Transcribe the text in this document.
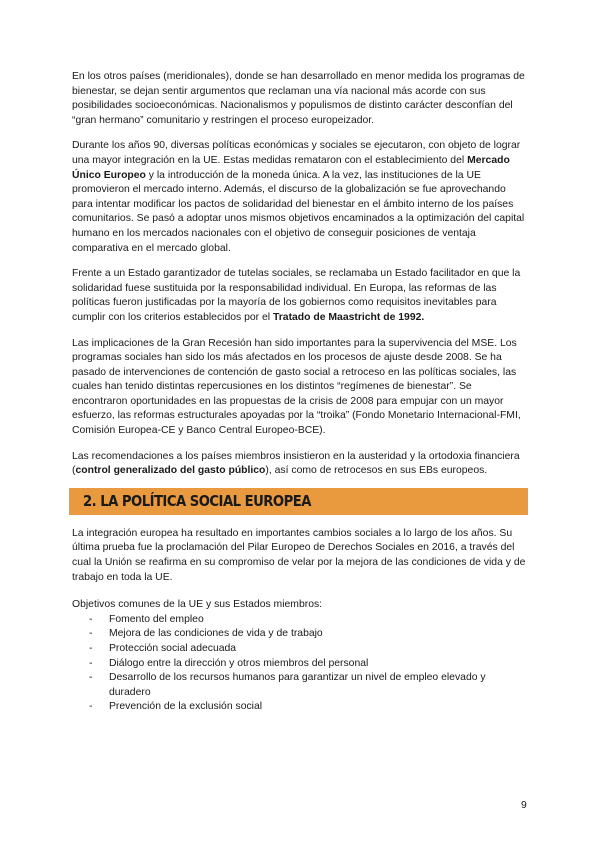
En los otros países (meridionales), donde se han desarrollado en menor medida los programas de bienestar, se dejan sentir argumentos que reclaman una vía nacional más acorde con sus posibilidades socioeconómicas. Nacionalismos y populismos de distinto carácter desconfían del “gran hermano” comunitario y restringen el proceso europeizador.

Durante los años 90, diversas políticas económicas y sociales se ejecutaron, con objeto de lograr una mayor integración en la UE. Estas medidas remataron con el establecimiento del Mercado Único Europeo y la introducción de la moneda única. A la vez, las instituciones de la UE promovieron el mercado interno. Además, el discurso de la globalización se fue aprovechando para intentar modificar los pactos de solidaridad del bienestar en el ámbito interno de los países comunitarios. Se pasó a adoptar unos mismos objetivos encaminados a la optimización del capital humano en los mercados nacionales con el objetivo de conseguir posiciones de ventaja comparativa en el mercado global.

Frente a un Estado garantizador de tutelas sociales, se reclamaba un Estado facilitador en que la solidaridad fuese sustituida por la responsabilidad individual. En Europa, las reformas de las políticas fueron justificadas por la mayoría de los gobiernos como requisitos inevitables para cumplir con los criterios establecidos por el Tratado de Maastricht de 1992.

Las implicaciones de la Gran Recesión han sido importantes para la supervivencia del MSE. Los programas sociales han sido los más afectados en los procesos de ajuste desde 2008. Se ha pasado de intervenciones de contención de gasto social a retroceso en las políticas sociales, las cuales han tenido distintas repercusiones en los distintos “regímenes de bienestar”. Se encontraron oportunidades en las propuestas de la crisis de 2008 para empujar con un mayor esfuerzo, las reformas estructurales apoyadas por la “troika” (Fondo Monetario Internacional-FMI, Comisión Europea-CE y Banco Central Europeo-BCE).

Las recomendaciones a los países miembros insistieron en la austeridad y la ortodoxia financiera (control generalizado del gasto público), así como de retrocesos en sus EBs europeos.

2. LA POLÍTICA SOCIAL EUROPEA

La integración europea ha resultado en importantes cambios sociales a lo largo de los años. Su última prueba fue la proclamación del Pilar Europeo de Derechos Sociales en 2016, a través del cual la Unión se reafirma en su compromiso de velar por la mejora de las condiciones de vida y de trabajo en toda la UE.

Objetivos comunes de la UE y sus Estados miembros:

-	Fomento del empleo
-	Mejora de las condiciones de vida y de trabajo
-	Protección social adecuada
-	Diálogo entre la dirección y otros miembros del personal
-	Desarrollo de los recursos humanos para garantizar un nivel de empleo elevado y duradero
-	Prevención de la exclusión social
9
